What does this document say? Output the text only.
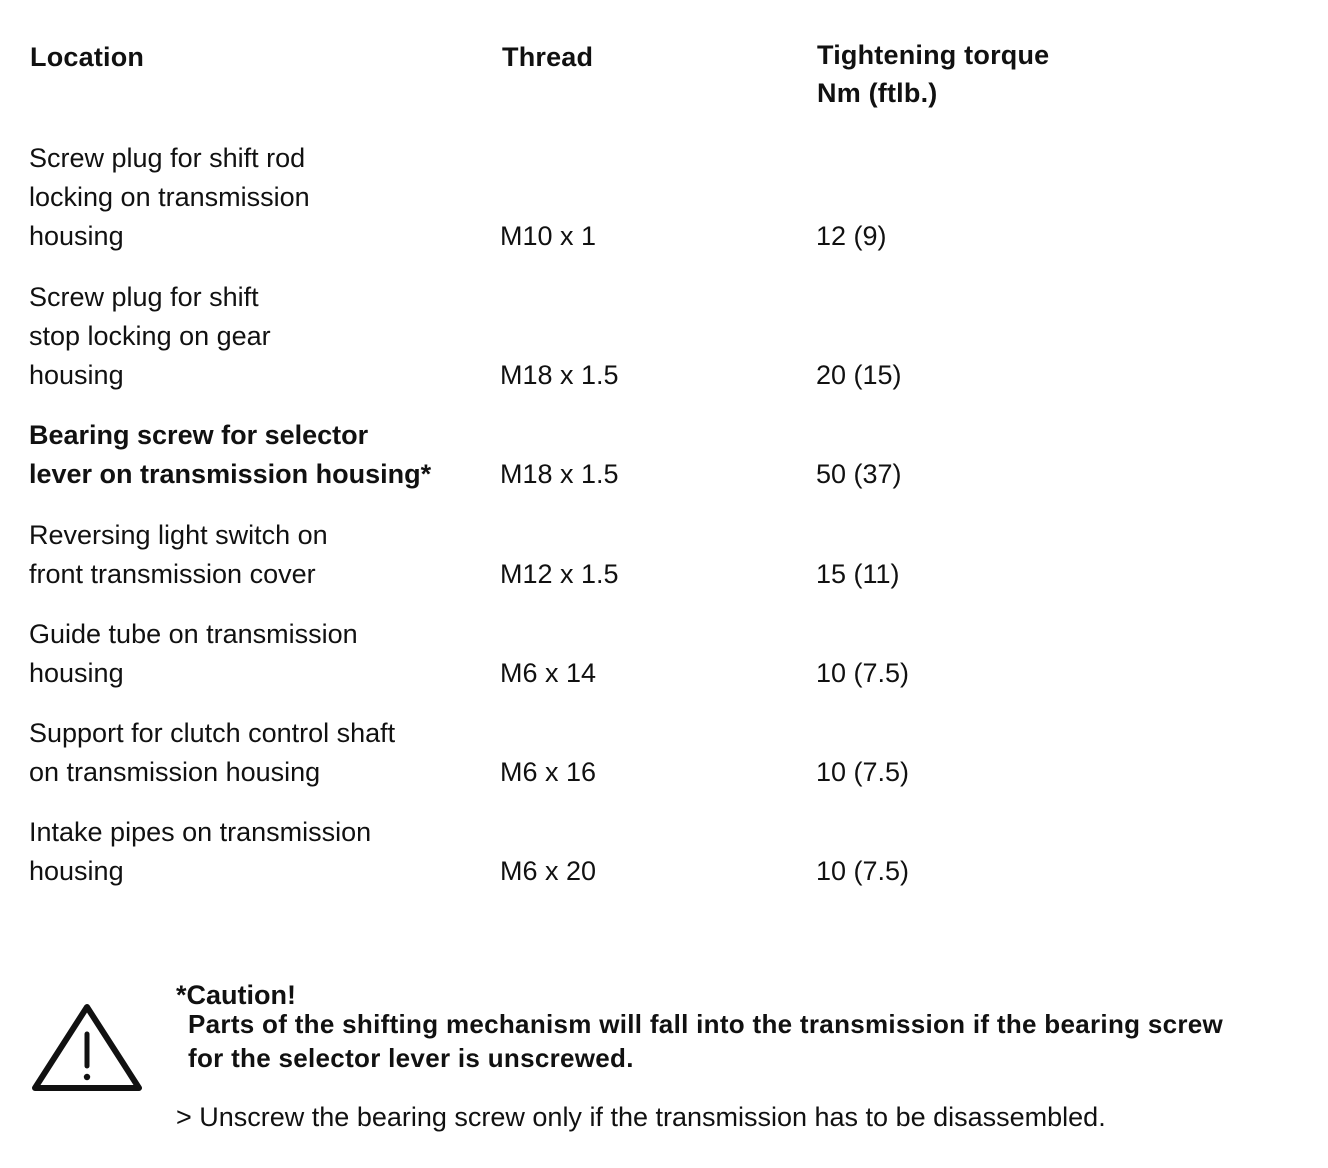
Location	Thread	Tightening torque
Nm (ftlb.)
Screw plug for shift rod
locking on transmission
housing	M10 x 1	12 (9)
Screw plug for shift
stop locking on gear
housing	M18 x 1.5	20 (15)
Bearing screw for selector
lever on transmission housing*	M18 x 1.5	50 (37)
Reversing light switch on
front transmission cover	M12 x 1.5	15 (11)
Guide tube on transmission
housing	M6 x 14	10 (7.5)
Support for clutch control shaft
on transmission housing	M6 x 16	10 (7.5)
Intake pipes on transmission
housing	M6 x 20	10 (7.5)
*Caution!
Parts of the shifting mechanism will fall into the transmission if the bearing screw
for the selector lever is unscrewed.
> Unscrew the bearing screw only if the transmission has to be disassembled.
